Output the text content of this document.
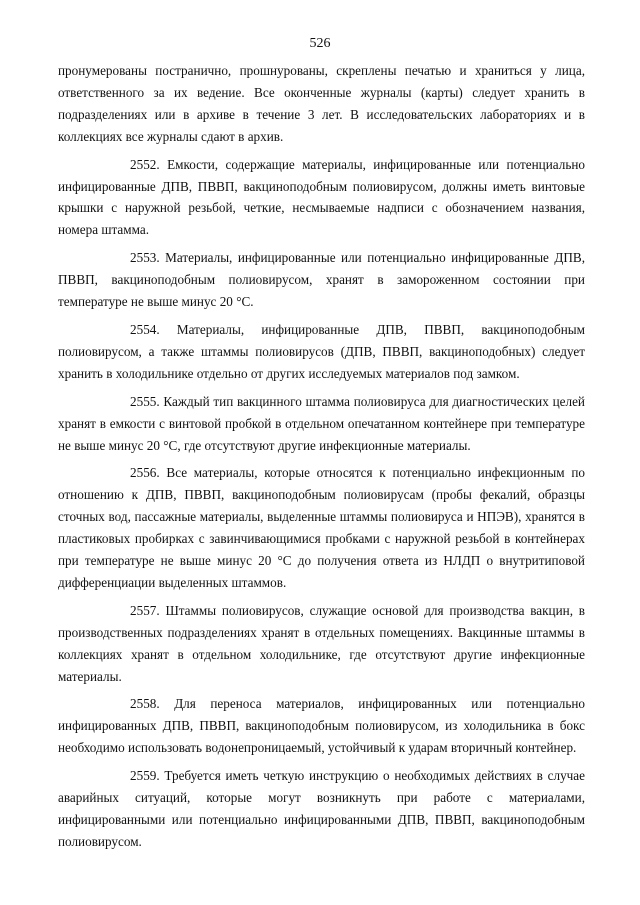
526

пронумерованы постранично, прошнурованы, скреплены печатью и храниться у лица, ответственного за их ведение. Все оконченные журналы (карты) следует хранить в подразделениях или в архиве в течение 3 лет. В исследовательских лабораториях и в коллекциях все журналы сдают в архив.

2552. Емкости, содержащие материалы, инфицированные или потенциально инфицированные ДПВ, ПВВП, вакциноподобным полиовирусом, должны иметь винтовые крышки с наружной резьбой, четкие, несмываемые надписи с обозначением названия, номера штамма.

2553. Материалы, инфицированные или потенциально инфицированные ДПВ, ПВВП, вакциноподобным полиовирусом, хранят в замороженном состоянии при температуре не выше минус 20 °C.

2554. Материалы, инфицированные ДПВ, ПВВП, вакциноподобным полиовирусом, а также штаммы полиовирусов (ДПВ, ПВВП, вакциноподобных) следует хранить в холодильнике отдельно от других исследуемых материалов под замком.

2555. Каждый тип вакцинного штамма полиовируса для диагностических целей хранят в емкости с винтовой пробкой в отдельном опечатанном контейнере при температуре не выше минус 20 °C, где отсутствуют другие инфекционные материалы.

2556. Все материалы, которые относятся к потенциально инфекционным по отношению к ДПВ, ПВВП, вакциноподобным полиовирусам (пробы фекалий, образцы сточных вод, пассажные материалы, выделенные штаммы полиовируса и НПЭВ), хранятся в пластиковых пробирках с завинчивающимися пробками с наружной резьбой в контейнерах при температуре не выше минус 20 °C до получения ответа из НЛДП о внутритиповой дифференциации выделенных штаммов.

2557. Штаммы полиовирусов, служащие основой для производства вакцин, в производственных подразделениях хранят в отдельных помещениях. Вакцинные штаммы в коллекциях хранят в отдельном холодильнике, где отсутствуют другие инфекционные материалы.

2558. Для переноса материалов, инфицированных или потенциально инфицированных ДПВ, ПВВП, вакциноподобным полиовирусом, из холодильника в бокс необходимо использовать водонепроницаемый, устойчивый к ударам вторичный контейнер.

2559. Требуется иметь четкую инструкцию о необходимых действиях в случае аварийных ситуаций, которые могут возникнуть при работе с материалами, инфицированными или потенциально инфицированными ДПВ, ПВВП, вакциноподобным полиовирусом.
